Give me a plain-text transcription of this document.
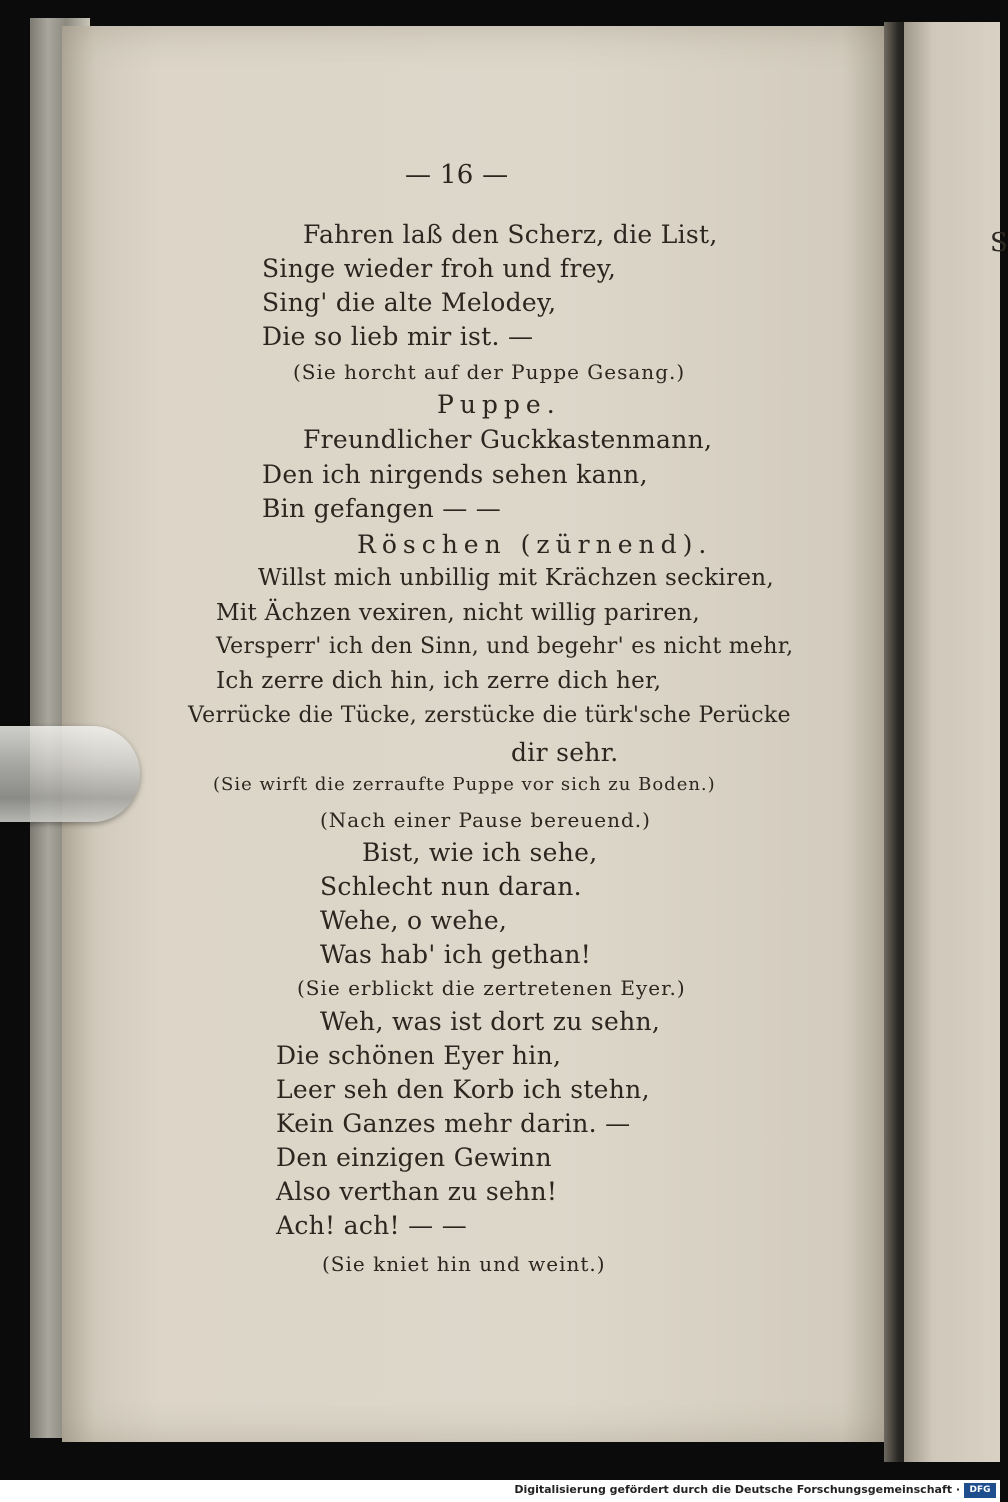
S
— 16 —
Fahren laß den Scherz, die List,
Singe wieder froh und frey,
Sing' die alte Melodey,
Die so lieb mir ist. —
(Sie horcht auf der Puppe Gesang.)
Puppe.
Freundlicher Guckkastenmann,
Den ich nirgends sehen kann,
Bin gefangen — —
Röschen (zürnend).
Willst mich unbillig mit Krächzen seckiren,
Mit Ächzen vexiren, nicht willig pariren,
Versperr' ich den Sinn, und begehr' es nicht mehr,
Ich zerre dich hin, ich zerre dich her,
Verrücke die Tücke, zerstücke die türk'sche Perücke
dir sehr.
(Sie wirft die zerraufte Puppe vor sich zu Boden.)
(Nach einer Pause bereuend.)
Bist, wie ich sehe,
Schlecht nun daran.
Wehe, o wehe,
Was hab' ich gethan!
(Sie erblickt die zertretenen Eyer.)
Weh, was ist dort zu sehn,
Die schönen Eyer hin,
Leer seh den Korb ich stehn,
Kein Ganzes mehr darin. —
Den einzigen Gewinn
Also verthan zu sehn!
Ach! ach! — —
(Sie kniet hin und weint.)
Digitalisierung gefördert durch die Deutsche Forschungsgemeinschaft ·	DFG
